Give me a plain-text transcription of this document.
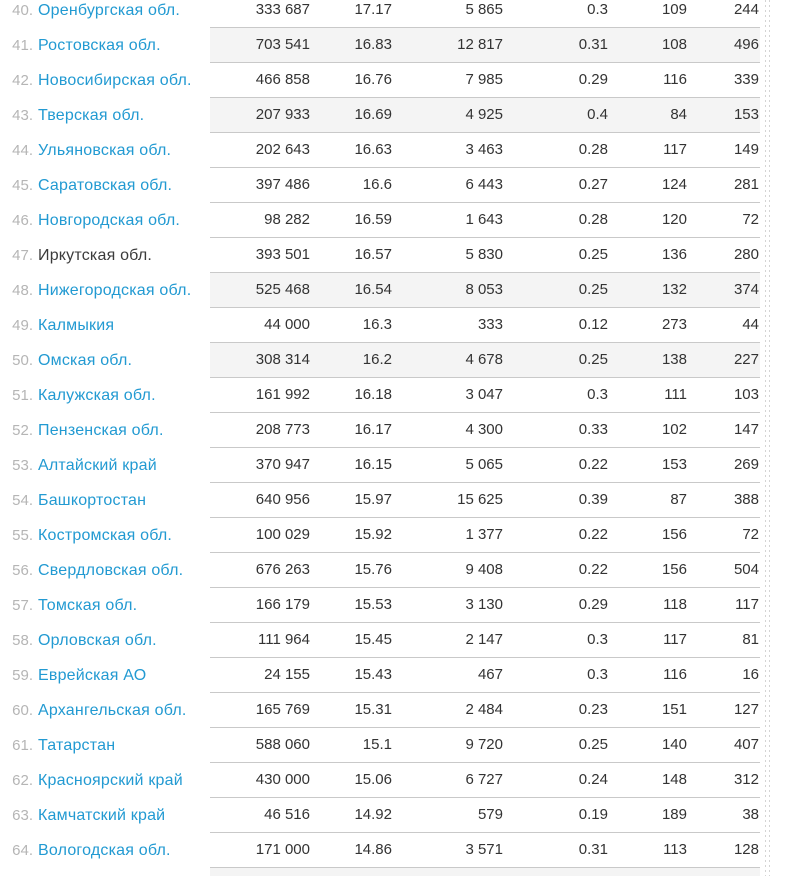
40. Оренбургская обл.	333 687	17.17	5 865	0.3	109	244
41. Ростовская обл.	703 541	16.83	12 817	0.31	108	496
42. Новосибирская обл.	466 858	16.76	7 985	0.29	116	339
43. Тверская обл.	207 933	16.69	4 925	0.4	84	153
44. Ульяновская обл.	202 643	16.63	3 463	0.28	117	149
45. Саратовская обл.	397 486	16.6	6 443	0.27	124	281
46. Новгородская обл.	98 282	16.59	1 643	0.28	120	72
47. Иркутская обл.	393 501	16.57	5 830	0.25	136	280
48. Нижегородская обл.	525 468	16.54	8 053	0.25	132	374
49. Калмыкия	44 000	16.3	333	0.12	273	44
50. Омская обл.	308 314	16.2	4 678	0.25	138	227
51. Калужская обл.	161 992	16.18	3 047	0.3	111	103
52. Пензенская обл.	208 773	16.17	4 300	0.33	102	147
53. Алтайский край	370 947	16.15	5 065	0.22	153	269
54. Башкортостан	640 956	15.97	15 625	0.39	87	388
55. Костромская обл.	100 029	15.92	1 377	0.22	156	72
56. Свердловская обл.	676 263	15.76	9 408	0.22	156	504
57. Томская обл.	166 179	15.53	3 130	0.29	118	117
58. Орловская обл.	111 964	15.45	2 147	0.3	117	81
59. Еврейская АО	24 155	15.43	467	0.3	116	16
60. Архангельская обл.	165 769	15.31	2 484	0.23	151	127
61. Татарстан	588 060	15.1	9 720	0.25	140	407
62. Красноярский край	430 000	15.06	6 727	0.24	148	312
63. Камчатский край	46 516	14.92	579	0.19	189	38
64. Вологодская обл.	171 000	14.86	3 571	0.31	113	128
